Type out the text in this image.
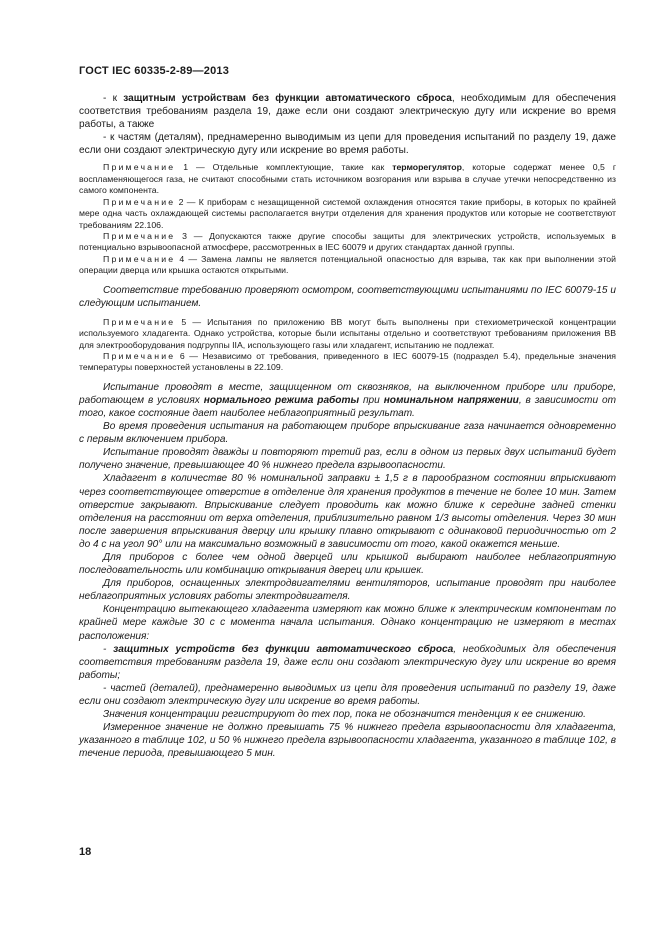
ГОСТ IEC 60335-2-89—2013

- к защитным устройствам без функции автоматического сброса, необходимым для обеспечения соответствия требованиям раздела 19, даже если они создают электрическую дугу или искрение во время работы, а также

- к частям (деталям), преднамеренно выводимым из цепи для проведения испытаний по разделу 19, даже если они создают электрическую дугу или искрение во время работы.

Примечание 1 — Отдельные комплектующие, такие как терморегулятор, которые содержат менее 0,5 г воспламеняющегося газа, не считают способными стать источником возгорания или взрыва в случае утечки непосредственно из самого компонента.

Примечание 2 — К приборам с незащищенной системой охлаждения относятся такие приборы, в которых по крайней мере одна часть охлаждающей системы располагается внутри отделения для хранения продуктов или которые не соответствуют требованиям 22.106.

Примечание 3 — Допускаются также другие способы защиты для электрических устройств, используемых в потенциально взрывоопасной атмосфере, рассмотренных в IEC 60079 и других стандартах данной группы.

Примечание 4 — Замена лампы не является потенциальной опасностью для взрыва, так как при выполнении этой операции дверца или крышка остаются открытыми.

Соответствие требованию проверяют осмотром, соответствующими испытаниями по IEC 60079-15 и следующим испытанием.

Примечание 5 — Испытания по приложению ВВ могут быть выполнены при стехиометрической концентрации используемого хладагента. Однако устройства, которые были испытаны отдельно и соответствуют требованиям приложения ВВ для электрооборудования подгруппы IIA, использующего газы или хладагент, испытанию не подлежат.

Примечание 6 — Независимо от требования, приведенного в IEC 60079-15 (подраздел 5.4), предельные значения температуры поверхностей установлены в 22.109.

Испытание проводят в месте, защищенном от сквозняков, на выключенном приборе или приборе, работающем в условиях нормального режима работы при номинальном напряжении, в зависимости от того, какое состояние дает наиболее неблагоприятный результат.

Во время проведения испытания на работающем приборе впрыскивание газа начинается одновременно с первым включением прибора.

Испытание проводят дважды и повторяют третий раз, если в одном из первых двух испытаний будет получено значение, превышающее 40 % нижнего предела взрывоопасности.

Хладагент в количестве 80 % номинальной заправки ± 1,5 г в парообразном состоянии впрыскивают через соответствующее отверстие в отделение для хранения продуктов в течение не более 10 мин. Затем отверстие закрывают. Впрыскивание следует проводить как можно ближе к середине задней стенки отделения на расстоянии от верха отделения, приблизительно равном 1/3 высоты отделения. Через 30 мин после завершения впрыскивания дверцу или крышку плавно открывают с одинаковой периодичностью от 2 до 4 с на угол 90° или на максимально возможный в зависимости от того, какой окажется меньше.

Для приборов с более чем одной дверцей или крышкой выбирают наиболее неблагоприятную последовательность или комбинацию открывания дверец или крышек.

Для приборов, оснащенных электродвигателями вентиляторов, испытание проводят при наиболее неблагоприятных условиях работы электродвигателя.

Концентрацию вытекающего хладагента измеряют как можно ближе к электрическим компонентам по крайней мере каждые 30 с с момента начала испытания. Однако концентрацию не измеряют в местах расположения:

- защитных устройств без функции автоматического сброса, необходимых для обеспечения соответствия требованиям раздела 19, даже если они создают электрическую дугу или искрение во время работы;

- частей (деталей), преднамеренно выводимых из цепи для проведения испытаний по разделу 19, даже если они создают электрическую дугу или искрение во время работы.

Значения концентрации регистрируют до тех пор, пока не обозначится тенденция к ее снижению.

Измеренное значение не должно превышать 75 % нижнего предела взрывоопасности для хладагента, указанного в таблице 102, и 50 % нижнего предела взрывоопасности хладагента, указанного в таблице 102, в течение периода, превышающего 5 мин.

18
